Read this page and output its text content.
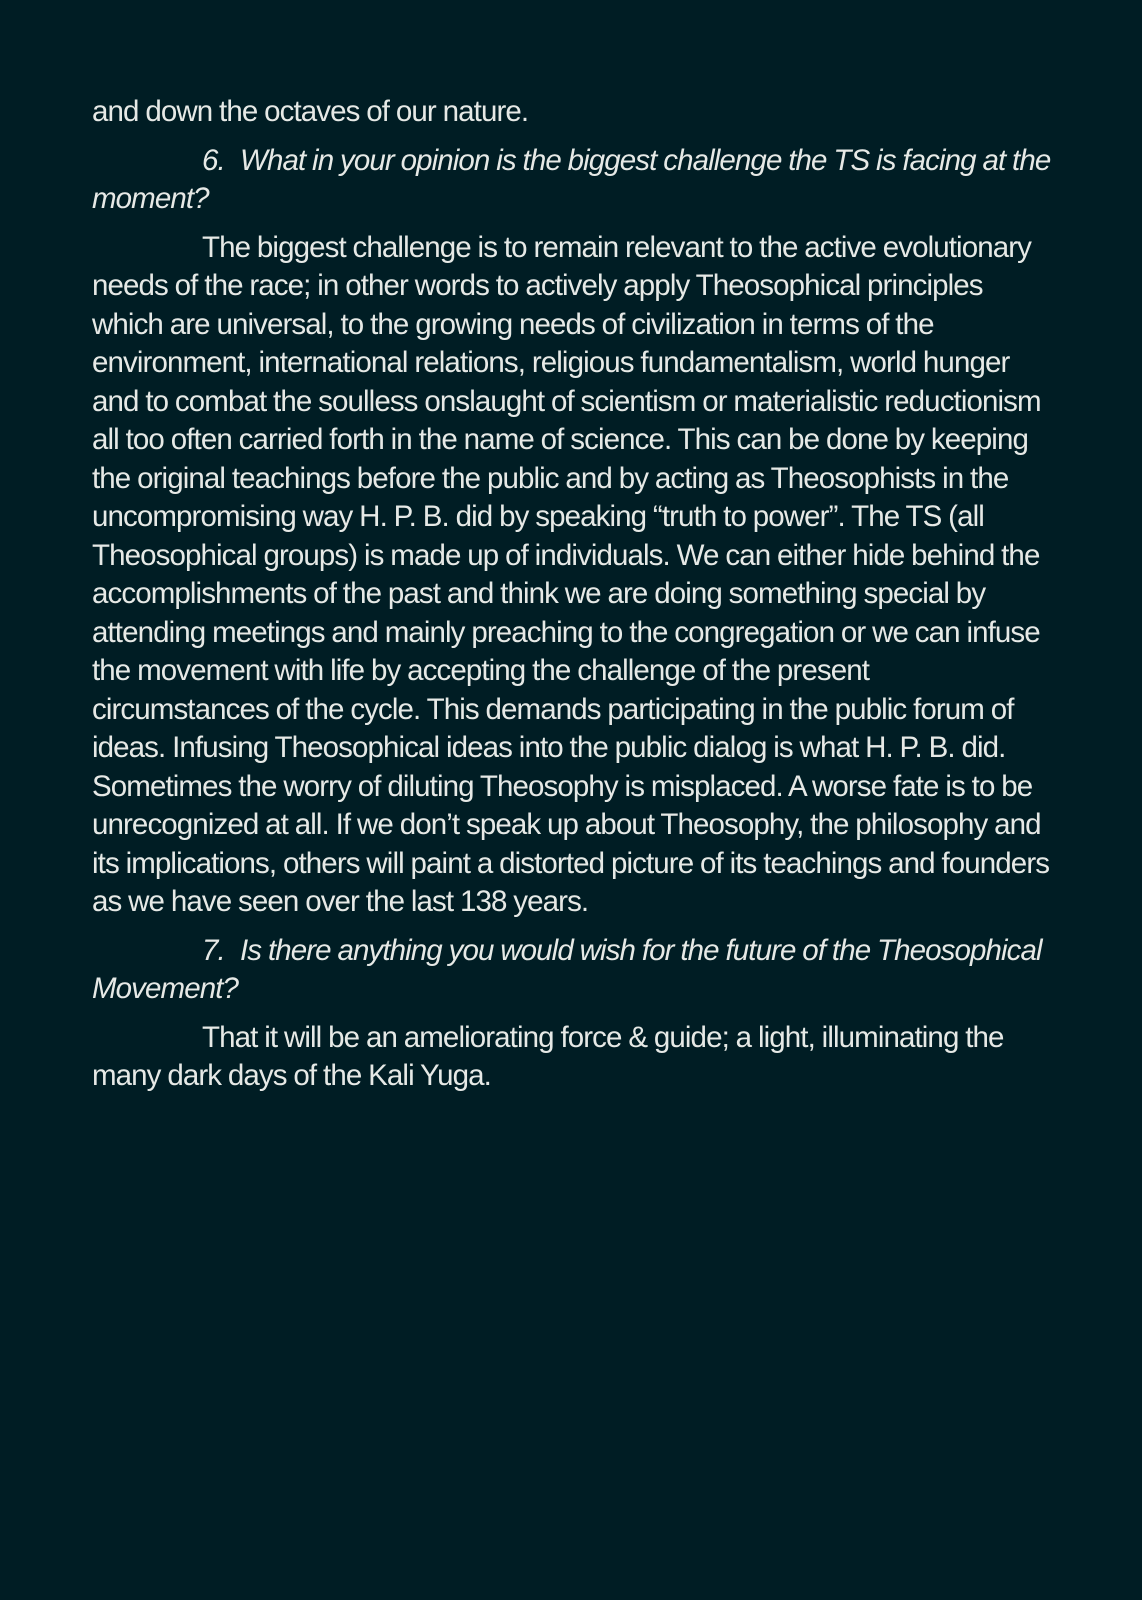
and down the octaves of our nature.

6. What in your opinion is the biggest challenge the TS is facing at the moment?

The biggest challenge is to remain relevant to the active evolutionary needs of the race; in other words to actively apply Theosophical principles which are universal, to the growing needs of civilization in terms of the environment, international relations, religious fundamentalism, world hunger and to combat the soulless onslaught of scientism or materialistic reductionism all too often carried forth in the name of science. This can be done by keeping the original teachings before the public and by acting as Theosophists in the uncompromising way H. P. B. did by speaking “truth to power”. The TS (all Theosophical groups) is made up of individuals. We can either hide behind the accomplishments of the past and think we are doing something special by attending meetings and mainly preaching to the congregation or we can infuse the movement with life by accepting the challenge of the present circumstances of the cycle. This demands participating in the public forum of ideas. Infusing Theosophical ideas into the public dialog is what H. P. B. did. Sometimes the worry of diluting Theosophy is misplaced. A worse fate is to be unrecognized at all. If we don’t speak up about Theosophy, the philosophy and its implications, others will paint a distorted picture of its teachings and founders as we have seen over the last 138 years.

7. Is there anything you would wish for the future of the Theosophical Movement?

That it will be an ameliorating force & guide; a light, illuminating the many dark days of the Kali Yuga.
